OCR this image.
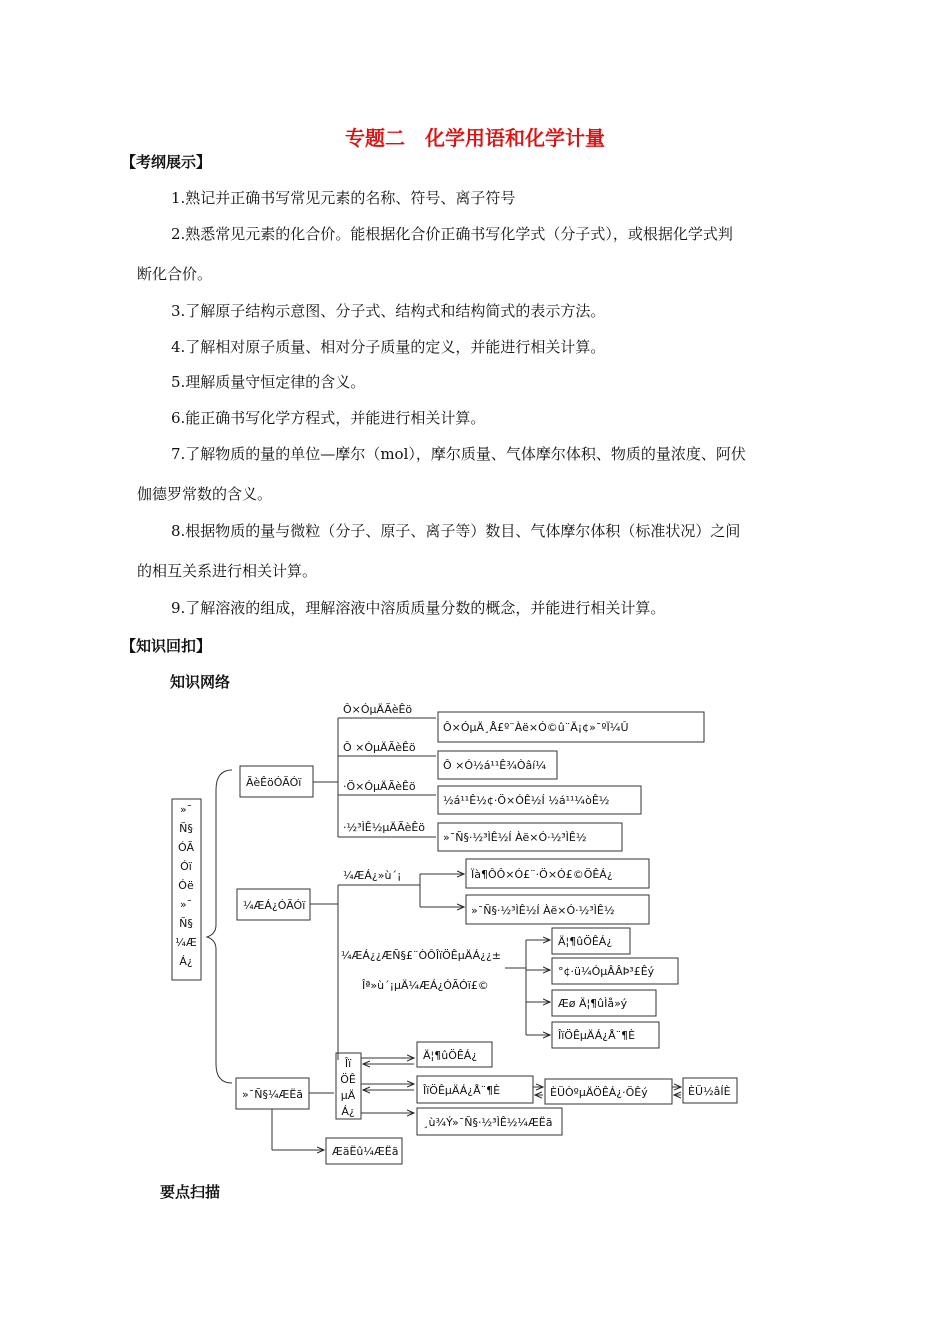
专题二　化学用语和化学计量
【考纲展示】
1.熟记并正确书写常见元素的名称、符号、离子符号
2.熟悉常见元素的化合价。能根据化合价正确书写化学式（分子式），或根据化学式判
断化合价。
3.了解原子结构示意图、分子式、结构式和结构简式的表示方法。
4.了解相对原子质量、相对分子质量的定义，并能进行相关计算。
5.理解质量守恒定律的含义。
6.能正确书写化学方程式，并能进行相关计算。
7.了解物质的量的单位—摩尔（mol），摩尔质量、气体摩尔体积、物质的量浓度、阿伏
伽德罗常数的含义。
8.根据物质的量与微粒（分子、原子、离子等）数目、气体摩尔体积（标准状况）之间
的相互关系进行相关计算。
9.了解溶液的组成，理解溶液中溶质质量分数的概念，并能进行相关计算。
【知识回扣】
知识网络
»¯
Ñ§
ÓÃ
Óï
Óë
»¯
Ñ§
¼Æ
Á¿
ÃèÊöÓÃÓï
Ô×ÓµÄÃèÊö
Ô ×ÓµÄÃèÊö
·Ö×ÓµÄÃèÊö
·½³ÌÊ½µÄÃèÊö
Ô×ÓµÄ¸Å£º¨Àë×Ó©û¨Ä¡¢»¯ºÏ¼Û
Ô ×Ó½á¹¹Ê¾Òâí¼
½á¹¹Ê½¢·Ö×ÓÊ½Í ½á¹¹¼òÊ½
»¯Ñ§·½³ÌÊ½Í Àë×Ó·½³ÌÊ½
¼ÆÁ¿ÓÃÓï
¼ÆÁ¿»ù´¡	Ïà¶ÔÔ×Ó£¨·Ö×Ó£©ÖÊÁ¿
»¯Ñ§·½³ÌÊ½Í Àë×Ó·½³ÌÊ½
¼ÆÁ¿¿ÆÑ§£¨ÒÔÎïÖÊµÄÁ¿¿±
Îª»ù´¡µÄ¼ÆÁ¿ÓÃÓï£©
Ä¦¶ûÖÊÁ¿
°¢·ü¼ÓµÂÂÞ³£Êý
Æø Ä¦¶ûÌå»ý
ÎïÖÊµÄÁ¿Å¨¶È
»¯Ñ§¼ÆËã
Îï
ÖÊ
µÄ
Á¿
Ä¦¶ûÖÊÁ¿
ÎïÖÊµÄÁ¿Å¨¶È
¸ù¾Ý»¯Ñ§·½³ÌÊ½¼ÆËã
ÈÜÒºµÄÖÊÁ¿·ÖÊý	ÈÜ½âÍÈ
ÆäËû¼ÆËã
要点扫描
